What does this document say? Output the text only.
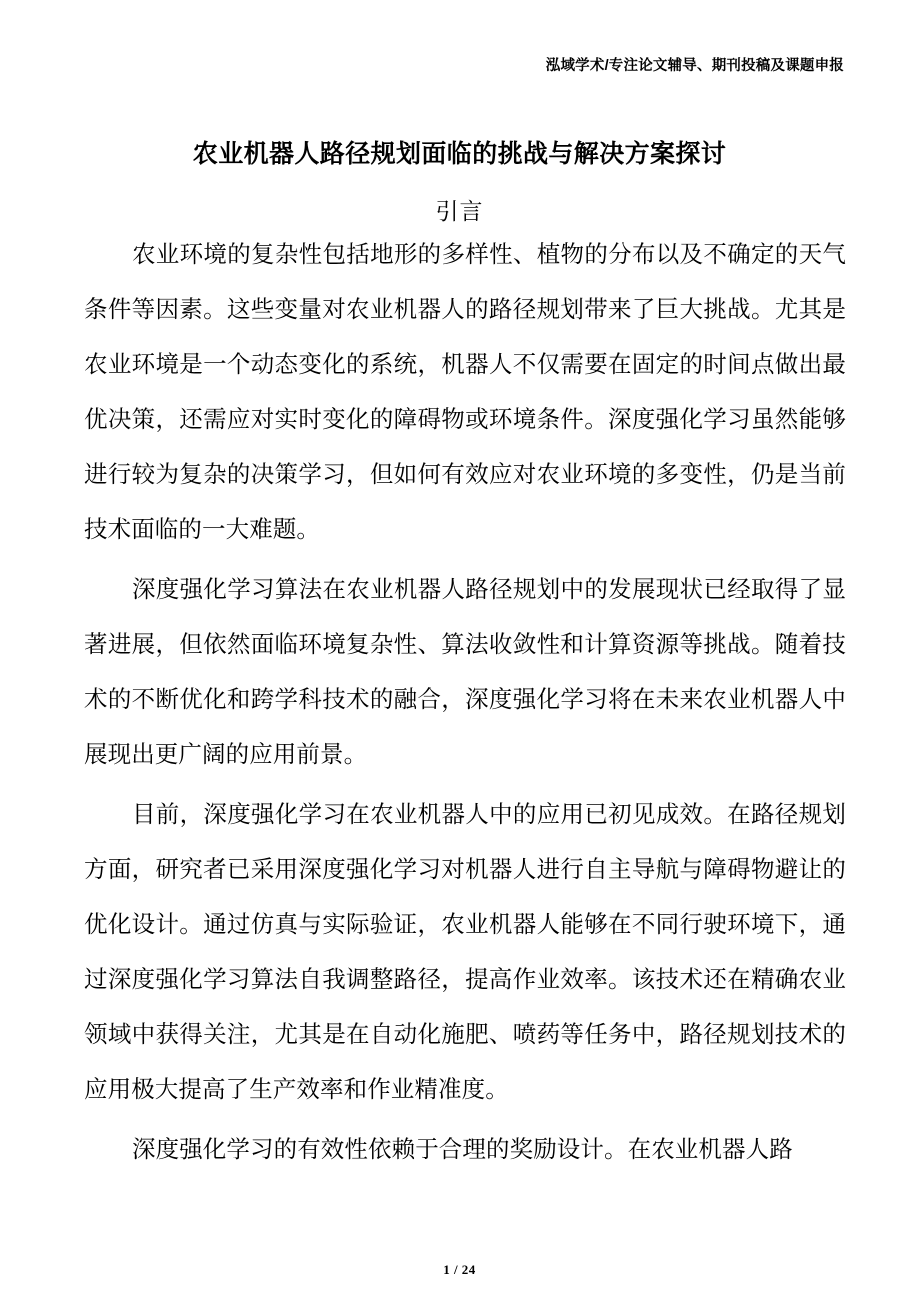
泓域学术/专注论文辅导、期刊投稿及课题申报
农业机器人路径规划面临的挑战与解决方案探讨
引言

农业环境的复杂性包括地形的多样性、植物的分布以及不确定的天气条件等因素。这些变量对农业机器人的路径规划带来了巨大挑战。尤其是农业环境是一个动态变化的系统，机器人不仅需要在固定的时间点做出最优决策，还需应对实时变化的障碍物或环境条件。深度强化学习虽然能够进行较为复杂的决策学习，但如何有效应对农业环境的多变性，仍是当前技术面临的一大难题。

深度强化学习算法在农业机器人路径规划中的发展现状已经取得了显著进展，但依然面临环境复杂性、算法收敛性和计算资源等挑战。随着技术的不断优化和跨学科技术的融合，深度强化学习将在未来农业机器人中展现出更广阔的应用前景。

目前，深度强化学习在农业机器人中的应用已初见成效。在路径规划方面，研究者已采用深度强化学习对机器人进行自主导航与障碍物避让的优化设计。通过仿真与实际验证，农业机器人能够在不同行驶环境下，通过深度强化学习算法自我调整路径，提高作业效率。该技术还在精确农业领域中获得关注，尤其是在自动化施肥、喷药等任务中，路径规划技术的应用极大提高了生产效率和作业精准度。

深度强化学习的有效性依赖于合理的奖励设计。在农业机器人路

1 / 24
